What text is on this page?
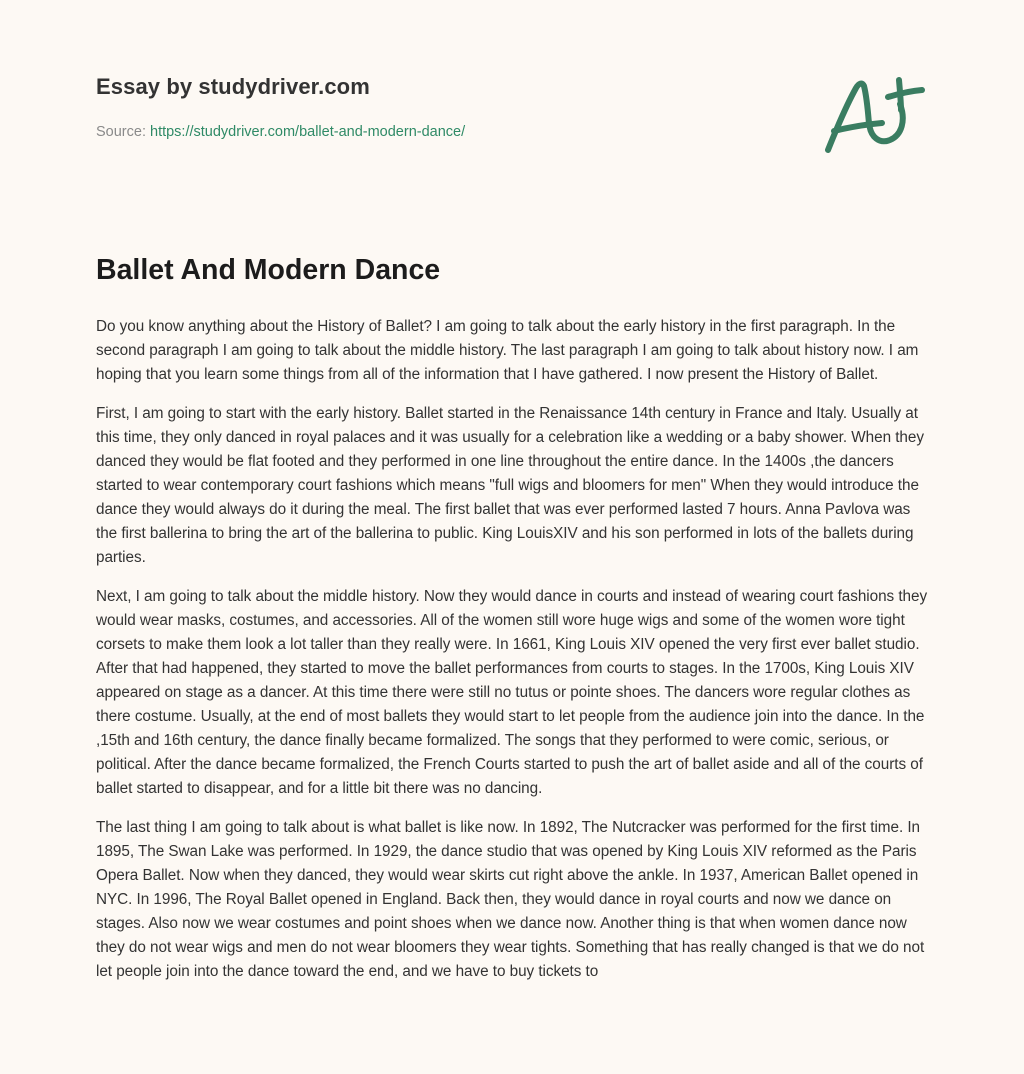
Essay by studydriver.com
Source: https://studydriver.com/ballet-and-modern-dance/
Ballet And Modern Dance

Do you know anything about the History of Ballet? I am going to talk about the early history in the first paragraph. In the second paragraph I am going to talk about the middle history. The last paragraph I am going to talk about history now. I am hoping that you learn some things from all of the information that I have gathered. I now present the History of Ballet.

First, I am going to start with the early history. Ballet started in the Renaissance 14th century in France and Italy. Usually at this time, they only danced in royal palaces and it was usually for a celebration like a wedding or a baby shower. When they danced they would be flat footed and they performed in one line throughout the entire dance. In the 1400s ,the dancers started to wear contemporary court fashions which means "full wigs and bloomers for men" When they would introduce the dance they would always do it during the meal. The first ballet that was ever performed lasted 7 hours. Anna Pavlova was the first ballerina to bring the art of the ballerina to public. King LouisXIV and his son performed in lots of the ballets during parties.

Next, I am going to talk about the middle history. Now they would dance in courts and instead of wearing court fashions they would wear masks, costumes, and accessories. All of the women still wore huge wigs and some of the women wore tight corsets to make them look a lot taller than they really were. In 1661, King Louis XIV opened the very first ever ballet studio. After that had happened, they started to move the ballet performances from courts to stages. In the 1700s, King Louis XIV appeared on stage as a dancer. At this time there were still no tutus or pointe shoes. The dancers wore regular clothes as there costume. Usually, at the end of most ballets they would start to let people from the audience join into the dance. In the ,15th and 16th century, the dance finally became formalized. The songs that they performed to were comic, serious, or political. After the dance became formalized, the French Courts started to push the art of ballet aside and all of the courts of ballet started to disappear, and for a little bit there was no dancing.

The last thing I am going to talk about is what ballet is like now. In 1892, The Nutcracker was performed for the first time. In 1895, The Swan Lake was performed. In 1929, the dance studio that was opened by King Louis XIV reformed as the Paris Opera Ballet. Now when they danced, they would wear skirts cut right above the ankle. In 1937, American Ballet opened in NYC. In 1996, The Royal Ballet opened in England. Back then, they would dance in royal courts and now we dance on stages. Also now we wear costumes and point shoes when we dance now. Another thing is that when women dance now they do not wear wigs and men do not wear bloomers they wear tights. Something that has really changed is that we do not let people join into the dance toward the end, and we have to buy tickets to
